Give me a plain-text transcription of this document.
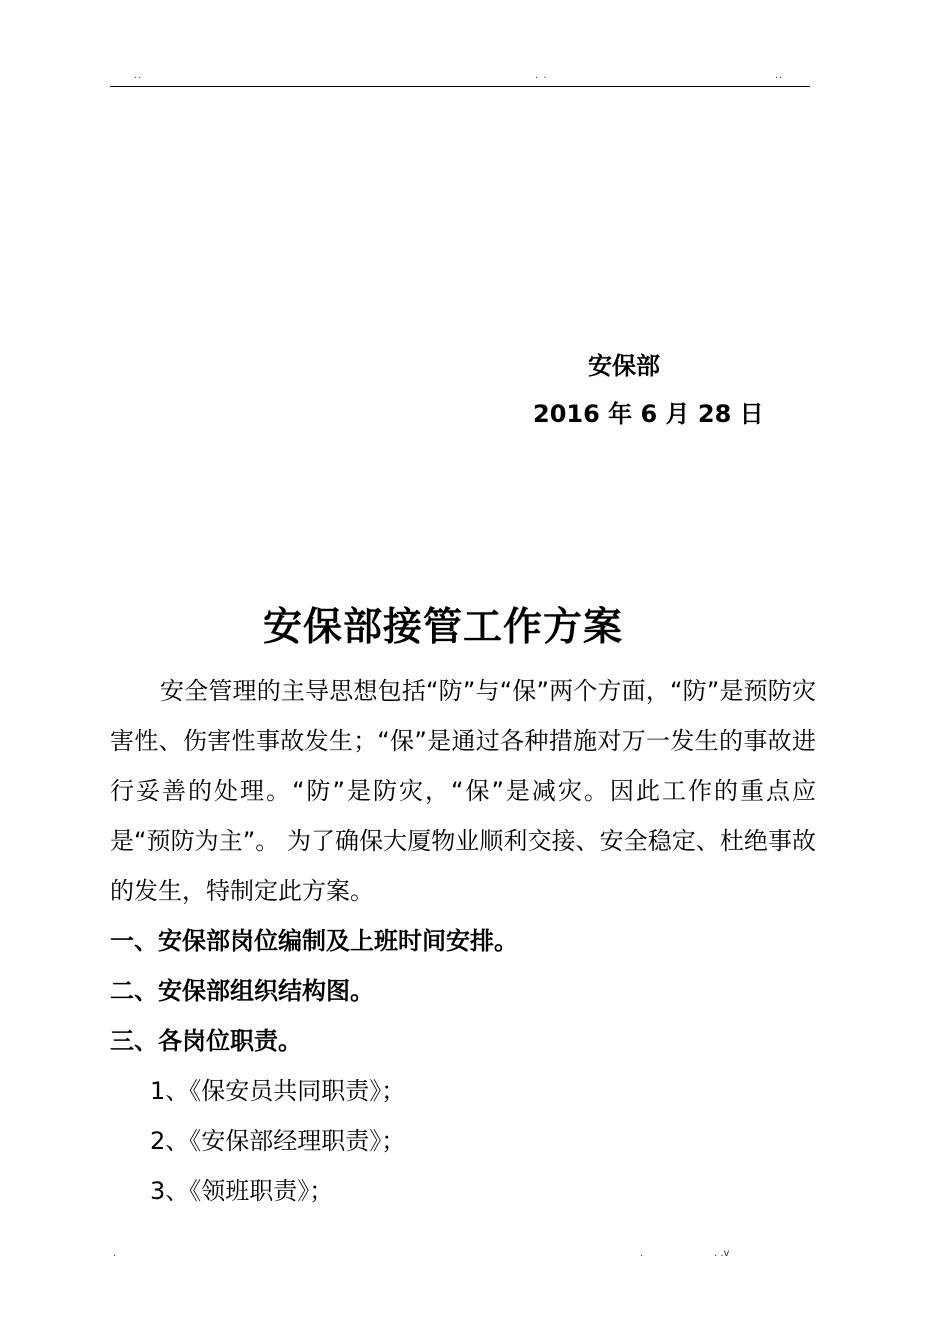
..	. .	..
安保部
2016 年 6 月 28 日
安保部接管工作方案

安全管理的主导思想包括“防”与“保”两个方面，“防”是预防灾害性、伤害性事故发生；“保”是通过各种措施对万一发生的事故进行妥善的处理。“防”是防灾，“保”是减灾。因此工作的重点应是“预防为主”。 为了确保大厦物业顺利交接、安全稳定、杜绝事故的发生，特制定此方案。

一、安保部岗位编制及上班时间安排。

二、安保部组织结构图。

三、各岗位职责。

1、《保安员共同职责》；

2、《安保部经理职责》；

3、《领班职责》；

.	.	. .v
